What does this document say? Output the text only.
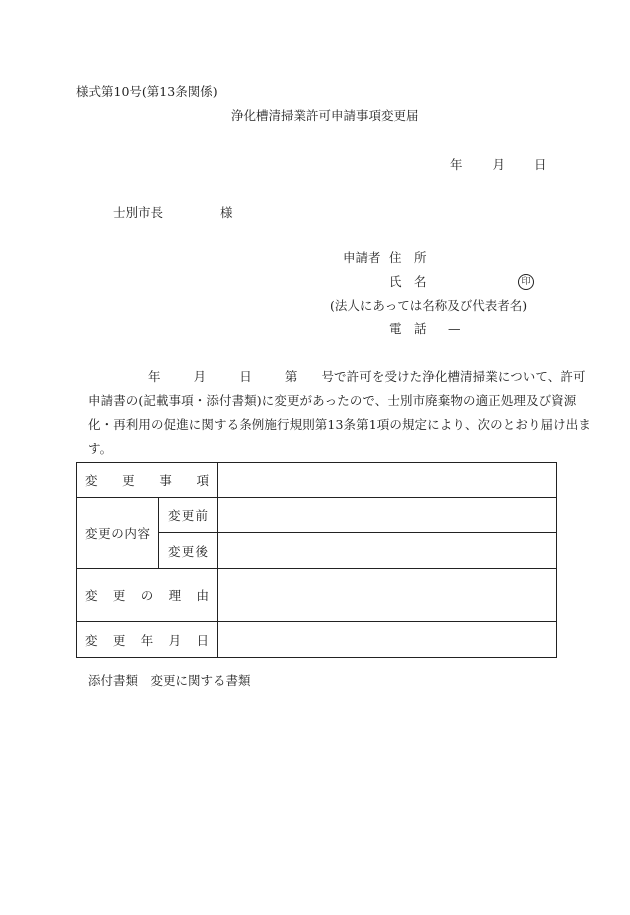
様式第10号(第13条関係)
浄化槽清掃業許可申請事項変更届
年 月 日
士別市長	様
申請者 住　所
氏　名	印
(法人にあっては名称及び代表者名)
電　話 —
年	月	日	第 号で許可を受けた浄化槽清掃業について、許可
申請書の(記載事項・添付書類)に変更があったので、士別市廃棄物の適正処理及び資源
化・再利用の促進に関する条例施行規則第13条第1項の規定により、次のとおり届け出ま
す。
変更事項		
変更の内容	変更前	
	変更後	
変更の理由		
変更年月日		
添付書類　変更に関する書類
